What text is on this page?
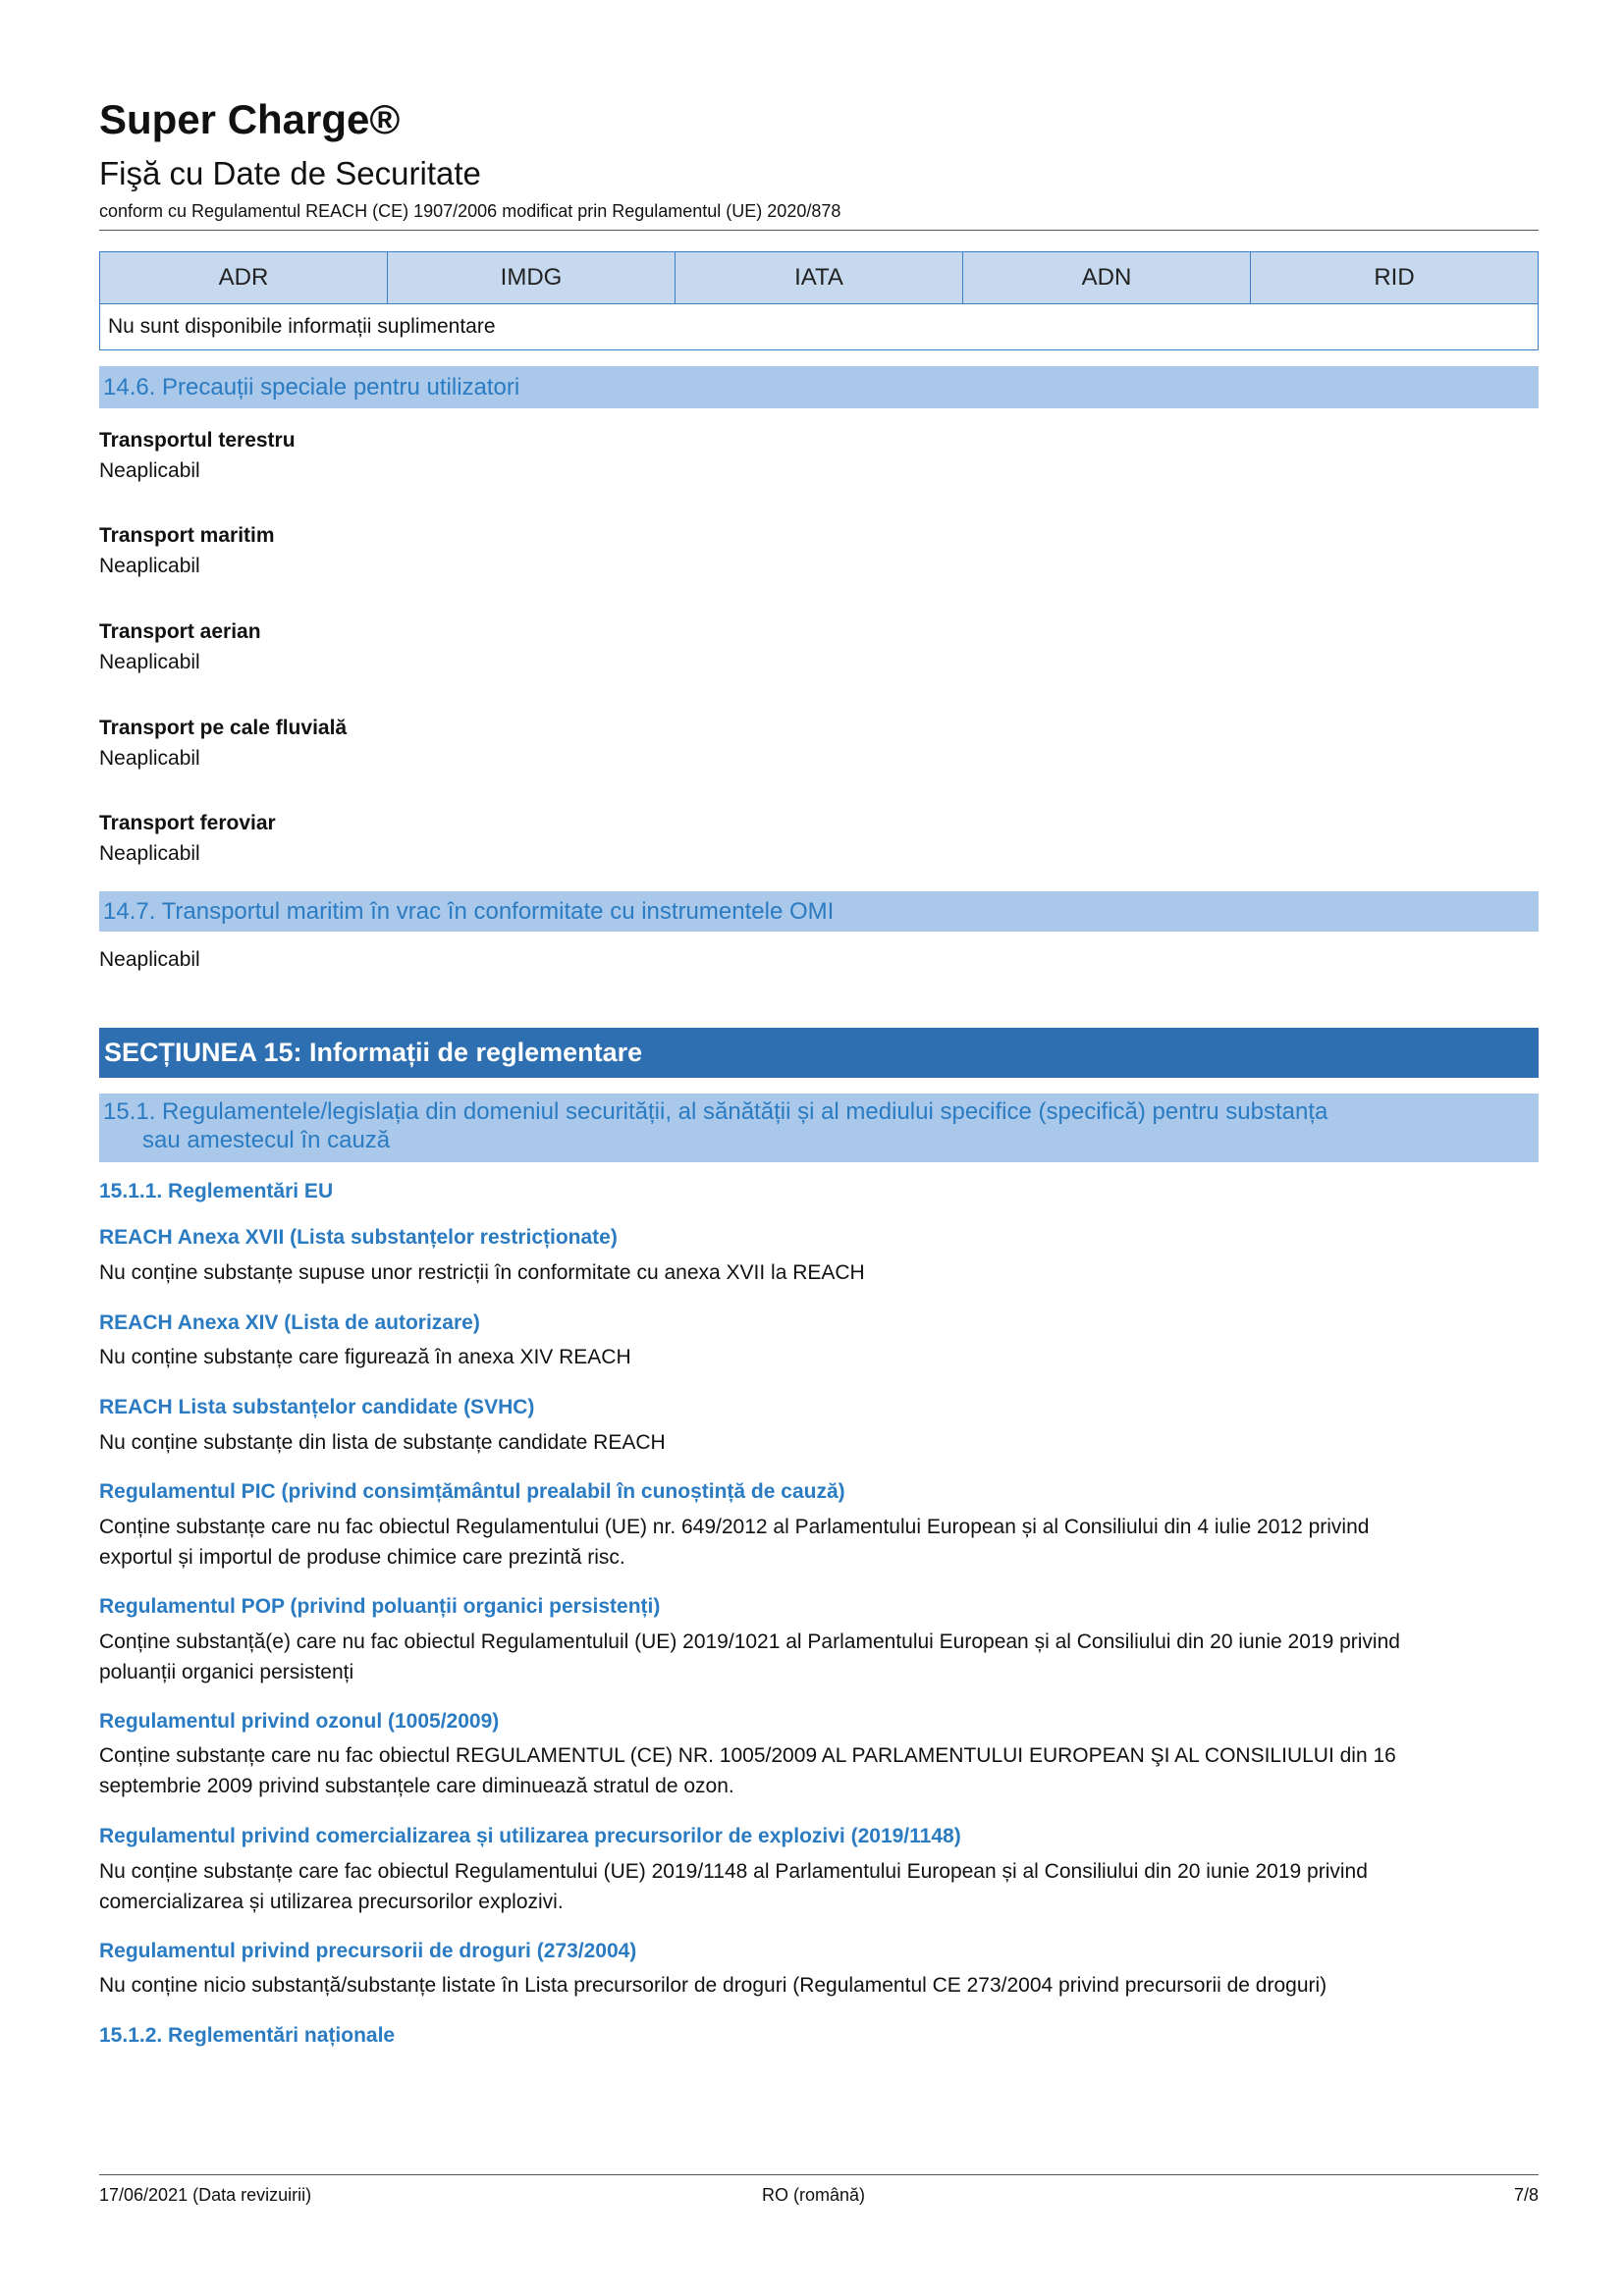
Super Charge®
Fişă cu Date de Securitate
conform cu Regulamentul REACH (CE) 1907/2006 modificat prin Regulamentul (UE) 2020/878
ADR	IMDG	IATA	ADN	RID
Nu sunt disponibile informații suplimentare
14.6. Precauții speciale pentru utilizatori
Transportul terestru
Neaplicabil
Transport maritim
Neaplicabil
Transport aerian
Neaplicabil
Transport pe cale fluvială
Neaplicabil
Transport feroviar
Neaplicabil
14.7. Transportul maritim în vrac în conformitate cu instrumentele OMI
Neaplicabil
SECȚIUNEA 15: Informații de reglementare
15.1. Regulamentele/legislația din domeniul securității, al sănătății și al mediului specifice (specifică) pentru substanța
sau amestecul în cauză
15.1.1. Reglementări EU
REACH Anexa XVII (Lista substanțelor restricționate)
Nu conține substanțe supuse unor restricții în conformitate cu anexa XVII la REACH
REACH Anexa XIV (Lista de autorizare)
Nu conține substanțe care figurează în anexa XIV REACH
REACH Lista substanțelor candidate (SVHC)
Nu conține substanțe din lista de substanțe candidate REACH
Regulamentul PIC (privind consimțământul prealabil în cunoștință de cauză)
Conține substanțe care nu fac obiectul Regulamentului (UE) nr. 649/2012 al Parlamentului European și al Consiliului din 4 iulie 2012 privind
exportul și importul de produse chimice care prezintă risc.
Regulamentul POP (privind poluanții organici persistenți)
Conține substanță(e) care nu fac obiectul Regulamentuluil (UE) 2019/1021 al Parlamentului European și al Consiliului din 20 iunie 2019 privind
poluanții organici persistenți
Regulamentul privind ozonul (1005/2009)
Conține substanțe care nu fac obiectul REGULAMENTUL (CE) NR. 1005/2009 AL PARLAMENTULUI EUROPEAN ŞI AL CONSILIULUI din 16
septembrie 2009 privind substanțele care diminuează stratul de ozon.
Regulamentul privind comercializarea și utilizarea precursorilor de explozivi (2019/1148)
Nu conține substanțe care fac obiectul Regulamentului (UE) 2019/1148 al Parlamentului European și al Consiliului din 20 iunie 2019 privind
comercializarea și utilizarea precursorilor explozivi.
Regulamentul privind precursorii de droguri (273/2004)
Nu conține nicio substanță/substanțe listate în Lista precursorilor de droguri (Regulamentul CE 273/2004 privind precursorii de droguri)
15.1.2. Reglementări naționale
17/06/2021 (Data revizuirii)	RO (română)	7/8
